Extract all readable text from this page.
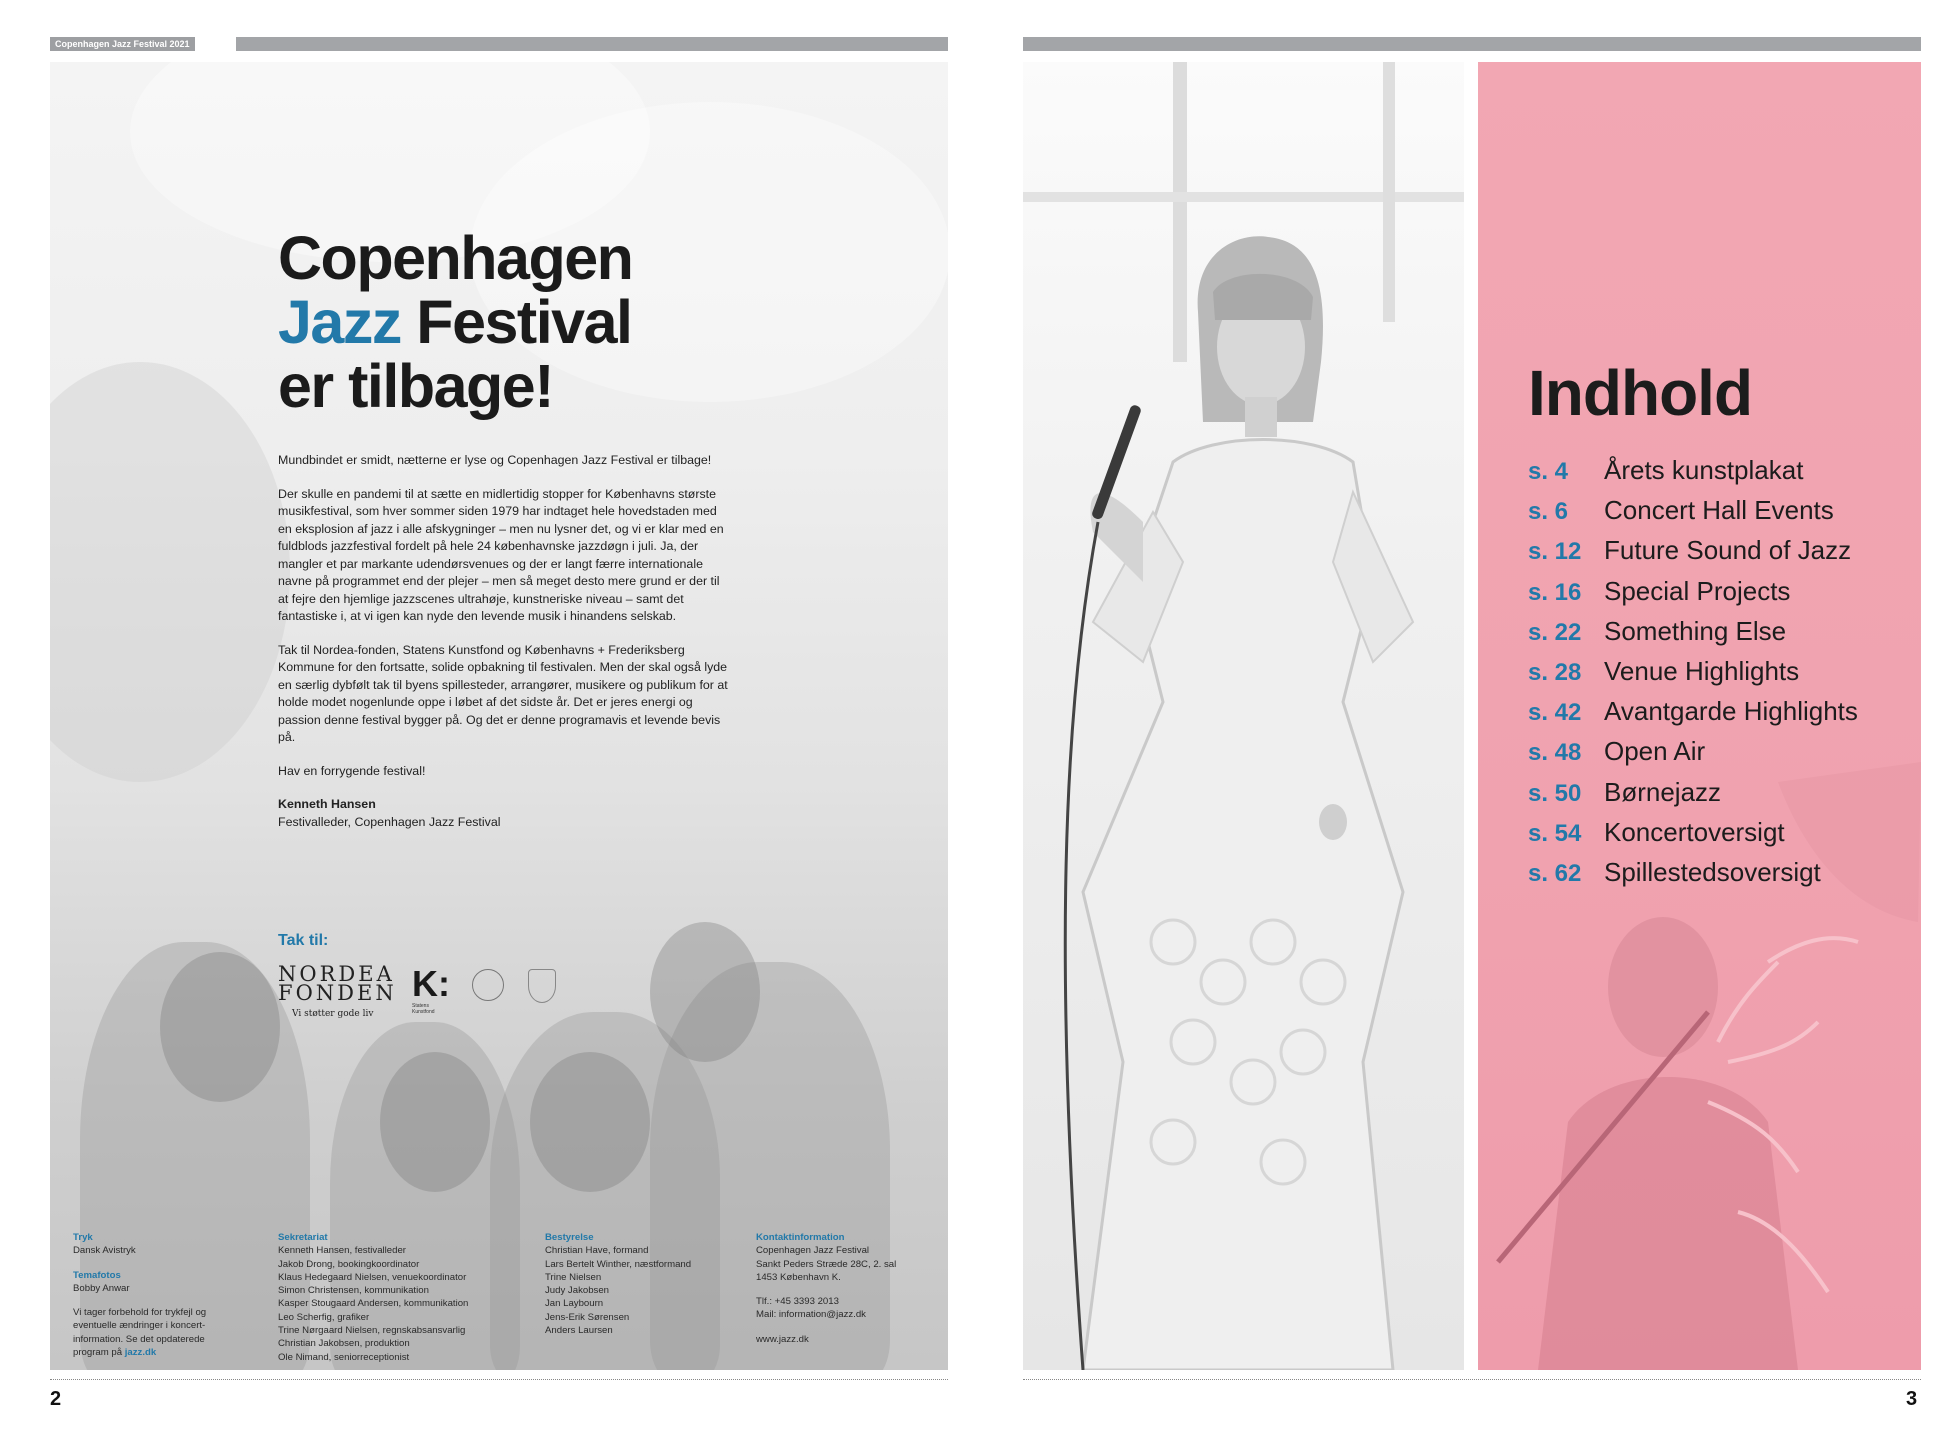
Copenhagen Jazz Festival 2021
Copenhagen
Jazz Festival
er tilbage!

Mundbindet er smidt, nætterne er lyse og Copenhagen Jazz Festival er tilbage!

Der skulle en pandemi til at sætte en midlertidig stopper for Københavns største musikfestival, som hver sommer siden 1979 har indtaget hele hovedstaden med en eksplosion af jazz i alle afskygninger – men nu lysner det, og vi er klar med en fuldblods jazzfestival fordelt på hele 24 københavnske jazzdøgn i juli. Ja, der mangler et par markante udendørsvenues og der er langt færre internationale navne på programmet end der plejer – men så meget desto mere grund er der til at fejre den hjemlige jazzscenes ultrahøje, kunstneriske niveau – samt det fantastiske i, at vi igen kan nyde den levende musik i hinandens selskab.

Tak til Nordea-fonden, Statens Kunstfond og Københavns + Frederiksberg Kommune for den fortsatte, solide opbakning til festivalen. Men der skal også lyde en særlig dybfølt tak til byens spillesteder, arrangører, musikere og publikum for at holde modet nogenlunde oppe i løbet af det sidste år. Det er jeres energi og passion denne festival bygger på. Og det er denne programavis et levende bevis på.

Hav en forrygende festival!

Kenneth Hansen
Festivalleder, Copenhagen Jazz Festival
Tak til:
NORDEA
FONDEN
Vi støtter gode liv
K:
Statens Kunstfond

Tryk

Dansk Avistryk

Temafotos

Bobby Anwar

Vi tager forbehold for trykfejl og

eventuelle ændringer i koncert-

information. Se det opdaterede

program på jazz.dk

Sekretariat

Kenneth Hansen, festivalleder

Jakob Drong, bookingkoordinator

Klaus Hedegaard Nielsen, venuekoordinator

Simon Christensen, kommunikation

Kasper Stougaard Andersen, kommunikation

Leo Scherfig, grafiker

Trine Nørgaard Nielsen, regnskabsansvarlig

Christian Jakobsen, produktion

Ole Nimand, seniorreceptionist

Bestyrelse

Christian Have, formand

Lars Bertelt Winther, næstformand

Trine Nielsen

Judy Jakobsen

Jan Laybourn

Jens-Erik Sørensen

Anders Laursen

Kontaktinformation

Copenhagen Jazz Festival

Sankt Peders Stræde 28C, 2. sal

1453 København K.

Tlf.: +45 3393 2013

Mail: information@jazz.dk

www.jazz.dk

2
Indhold
s. 4 Årets kunstplakat
s. 6 Concert Hall Events
s. 12 Future Sound of Jazz
s. 16 Special Projects
s. 22 Something Else
s. 28 Venue Highlights
s. 42 Avantgarde Highlights
s. 48 Open Air
s. 50 Børnejazz
s. 54 Koncertoversigt
s. 62 Spillestedsoversigt
3
